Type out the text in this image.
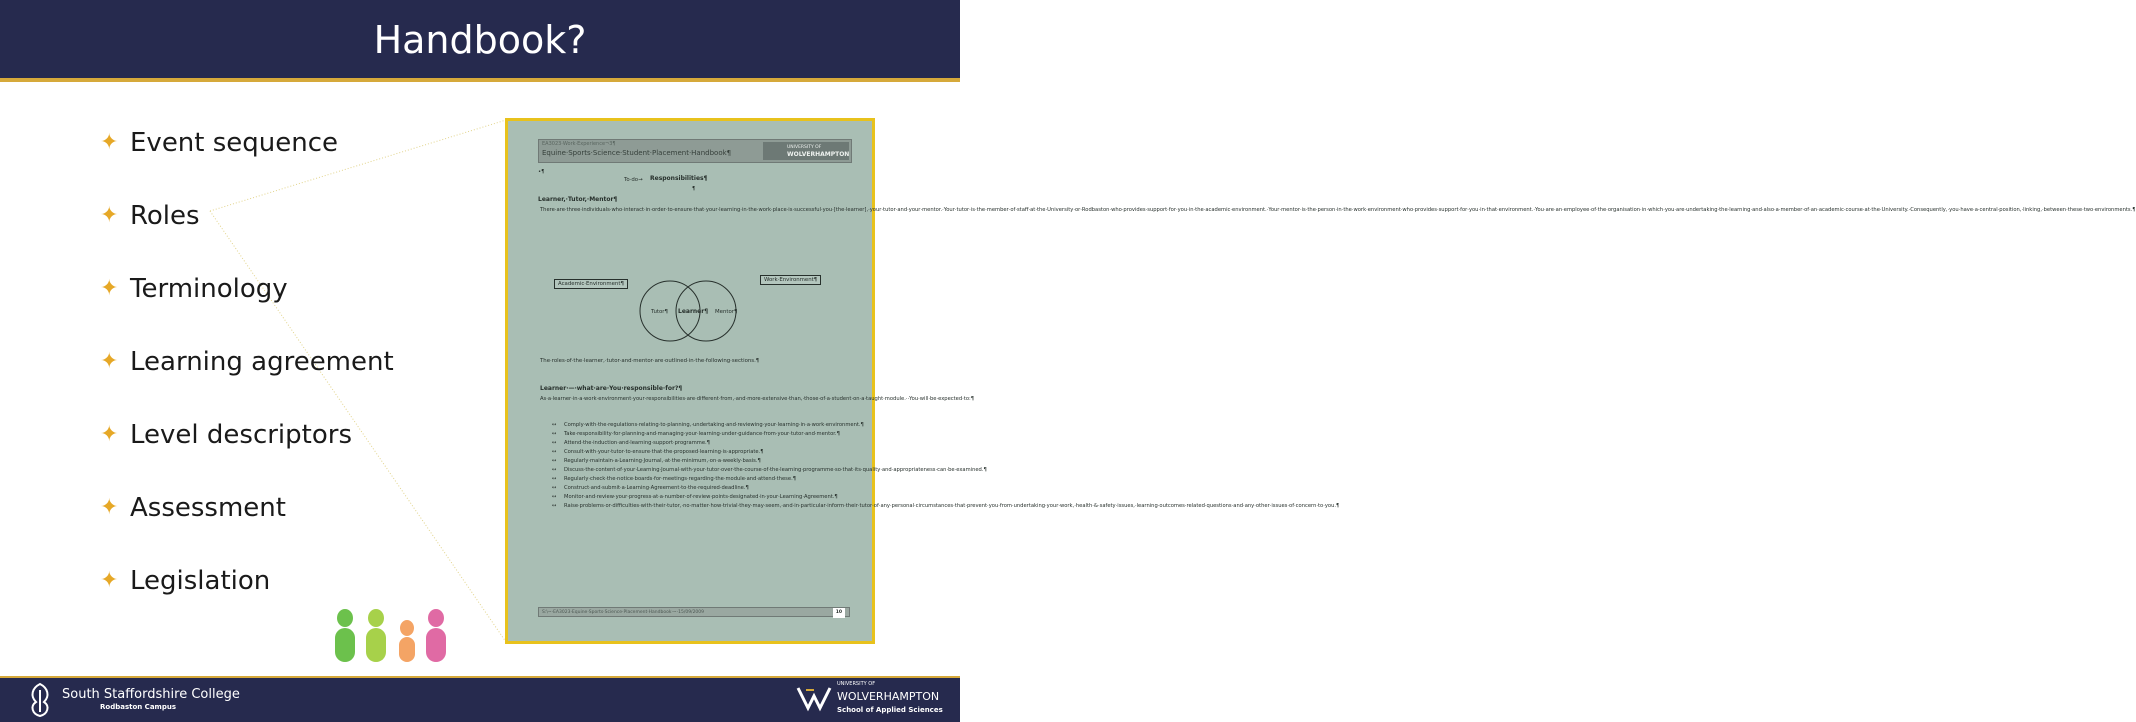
Handbook?
✦ Event sequence
✦ Roles
✦ Terminology
✦ Learning agreement
✦ Level descriptors
✦ Assessment
✦ Legislation
EA3023·Work·Experience¬3¶
Equine·Sports·Science·Student·Placement·Handbook¶
UNIVERSITY OF
WOLVERHAMPTON
•¶
To·do→ Responsibilities¶
¶
Learner,·Tutor,·Mentor¶
There·are·three·individuals·who·interact·in·order·to·ensure·that·your·learning·in·the·work·place·is·successful·you·[the·learner],·your·tutor·and·your·mentor.·Your·tutor·is·the·member·of·staff·at·the·University·or·Rodbaston·who·provides·support·for·you·in·the·academic·environment.·Your·mentor·is·the·person·in·the·work·environment·who·provides·support·for·you·in·that·environment.·You·are·an·employee·of·the·organisation·in·which·you·are·undertaking·the·learning·and·also·a·member·of·an·academic·course·at·the·University.·Consequently,·you·have·a·central·position,·linking,·between·these·two·environments.¶
Academic·Environment¶
Work·Environment¶
Tutor¶ Learner¶ Mentor¶
The·roles·of·the·learner,·tutor·and·mentor·are·outlined·in·the·following·sections.¶
Learner·—·what·are·You·responsible·for?¶
As·a·learner·in·a·work·environment·your·responsibilities·are·different·from,·and·more·extensive·than,·those·of·a·student·on·a·taught·module.··You·will·be·expected·to:¶
↔	Comply·with·the·regulations·relating·to·planning,·undertaking·and·reviewing·your·learning·in·a·work·environment.¶
↔	Take·responsibility·for·planning·and·managing·your·learning·under·guidance·from·your·tutor·and·mentor.¶
↔	Attend·the·induction·and·learning·support·programme.¶
↔	Consult·with·your·tutor·to·ensure·that·the·proposed·learning·is·appropriate.¶
↔	Regularly·maintain·a·Learning·Journal,·at·the·minimum,·on·a·weekly·basis.¶
↔	Discuss·the·content·of·your·Learning·Journal·with·your·tutor·over·the·course·of·the·learning·programme·so·that·its·quality·and·appropriateness·can·be·examined.¶
↔	Regularly·check·the·notice·boards·for·meetings·regarding·the·module·and·attend·these.¶
↔	Construct·and·submit·a·Learning·Agreement·to·the·required·deadline.¶
↔	Monitor·and·review·your·progress·at·a·number·of·review·points·designated·in·your·Learning·Agreement.¶
↔	Raise·problems·or·difficulties·with·their·tutor,·no·matter·how·trivial·they·may·seem,·and·in·particular·inform·their·tutor·of·any·personal·circumstances·that·prevent·you·from·undertaking·your·work,·health·&·safety·issues,·learning·outcomes·related·questions·and·any·other·issues·of·concern·to·you.¶
S:\~·EA3023·Equine·Sports·Science·Placement·Handbook·~·15/09/2009	10
South Staffordshire College
Rodbaston Campus
UNIVERSITY OF
WOLVERHAMPTON
School of Applied Sciences
